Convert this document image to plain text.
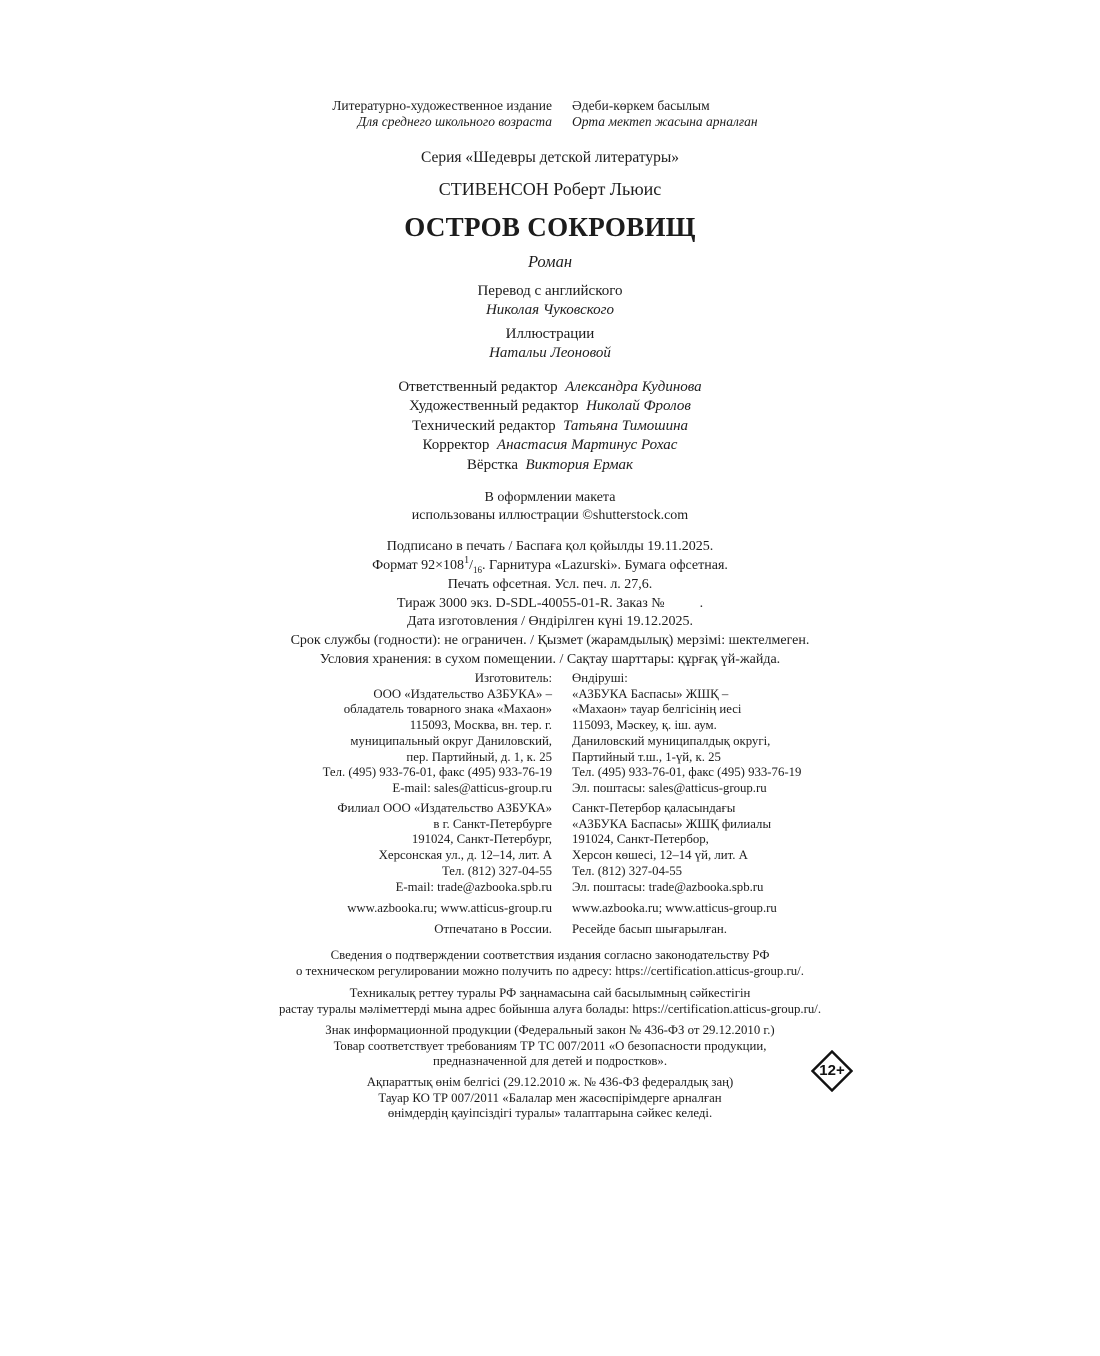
Литературно-художественное издание
Для среднего школьного возраста
Әдеби-көркем басылым
Орта мектеп жасына арналған
Серия «Шедевры детской литературы»
СТИВЕНСОН Роберт Льюис
ОСТРОВ СОКРОВИЩ
Роман
Перевод с английского
Николая Чуковского
Иллюстрации
Натальи Леоновой
Ответственный редактор Александра Кудинова
Художественный редактор Николай Фролов
Технический редактор Татьяна Тимошина
Корректор Анастасия Мартинус Рохас
Вёрстка Виктория Ермак
В оформлении макета
использованы иллюстрации ©shutterstock.com
Подписано в печать / Баспаға қол қойылды 19.11.2025.
Формат $92\times 108^1/_{16}$. Гарнитура «Lazurski». Бумага офсетная.
Печать офсетная. Усл. печ. л. 27,6.
Тираж 3000 экз. D-SDL-40055-01-R. Заказ №          .
Дата изготовления / Өндірілген күні 19.12.2025.
Срок службы (годности): не ограничен. / Қызмет (жарамдылық) мерзімі: шектелмеген.
Условия хранения: в сухом помещении. / Сақтау шарттары: құрғақ үй-жайда.
Изготовитель:
ООО «Издательство АЗБУКА» –
обладатель товарного знака «Махаон»
115093, Москва, вн. тер. г.
муниципальный округ Даниловский,
пер. Партийный, д. 1, к. 25
Тел. (495) 933-76-01, факс (495) 933-76-19
E-mail: sales@atticus-group.ru
Өндіруші:
«АЗБУКА Баспасы» ЖШҚ –
«Махаон» тауар белгісінің иесі
115093, Мәскеу, қ. іш. аум.
Даниловский муниципалдық округі,
Партийный т.ш., 1-үй, к. 25
Тел. (495) 933-76-01, факс (495) 933-76-19
Эл. поштасы: sales@atticus-group.ru
Филиал ООО «Издательство АЗБУКА»
в г. Санкт-Петербурге
191024, Санкт-Петербург,
Херсонская ул., д. 12–14, лит. А
Тел. (812) 327-04-55
E-mail: trade@azbooka.spb.ru
Санкт-Петербор қаласындағы
«АЗБУКА Баспасы» ЖШҚ филиалы
191024, Санкт-Петербор,
Херсон көшесі, 12–14 үй, лит. А
Тел. (812) 327-04-55
Эл. поштасы: trade@azbooka.spb.ru
www.azbooka.ru; www.atticus-group.ru www.azbooka.ru; www.atticus-group.ru
Отпечатано в России. Ресейде басып шығарылған.
Сведения о подтверждении соответствия издания согласно законодательству РФ
о техническом регулировании можно получить по адресу: https://certification.atticus-group.ru/.
Техникалық реттеу туралы РФ заңнамасына сай басылымның сәйкестігін
растау туралы мәліметтерді мына адрес бойынша алуға болады: https://certification.atticus-group.ru/.
Знак информационной продукции (Федеральный закон № 436-ФЗ от 29.12.2010 г.)
Товар соответствует требованиям ТР ТС 007/2011 «О безопасности продукции,
предназначенной для детей и подростков».
Ақпараттық өнім белгісі (29.12.2010 ж. № 436-ФЗ федералдық заң)
Тауар КО ТР 007/2011 «Балалар мен жасөспірімдерге арналған
өнімдердің қауіпсіздігі туралы» талаптарына сәйкес келеді.
12+
